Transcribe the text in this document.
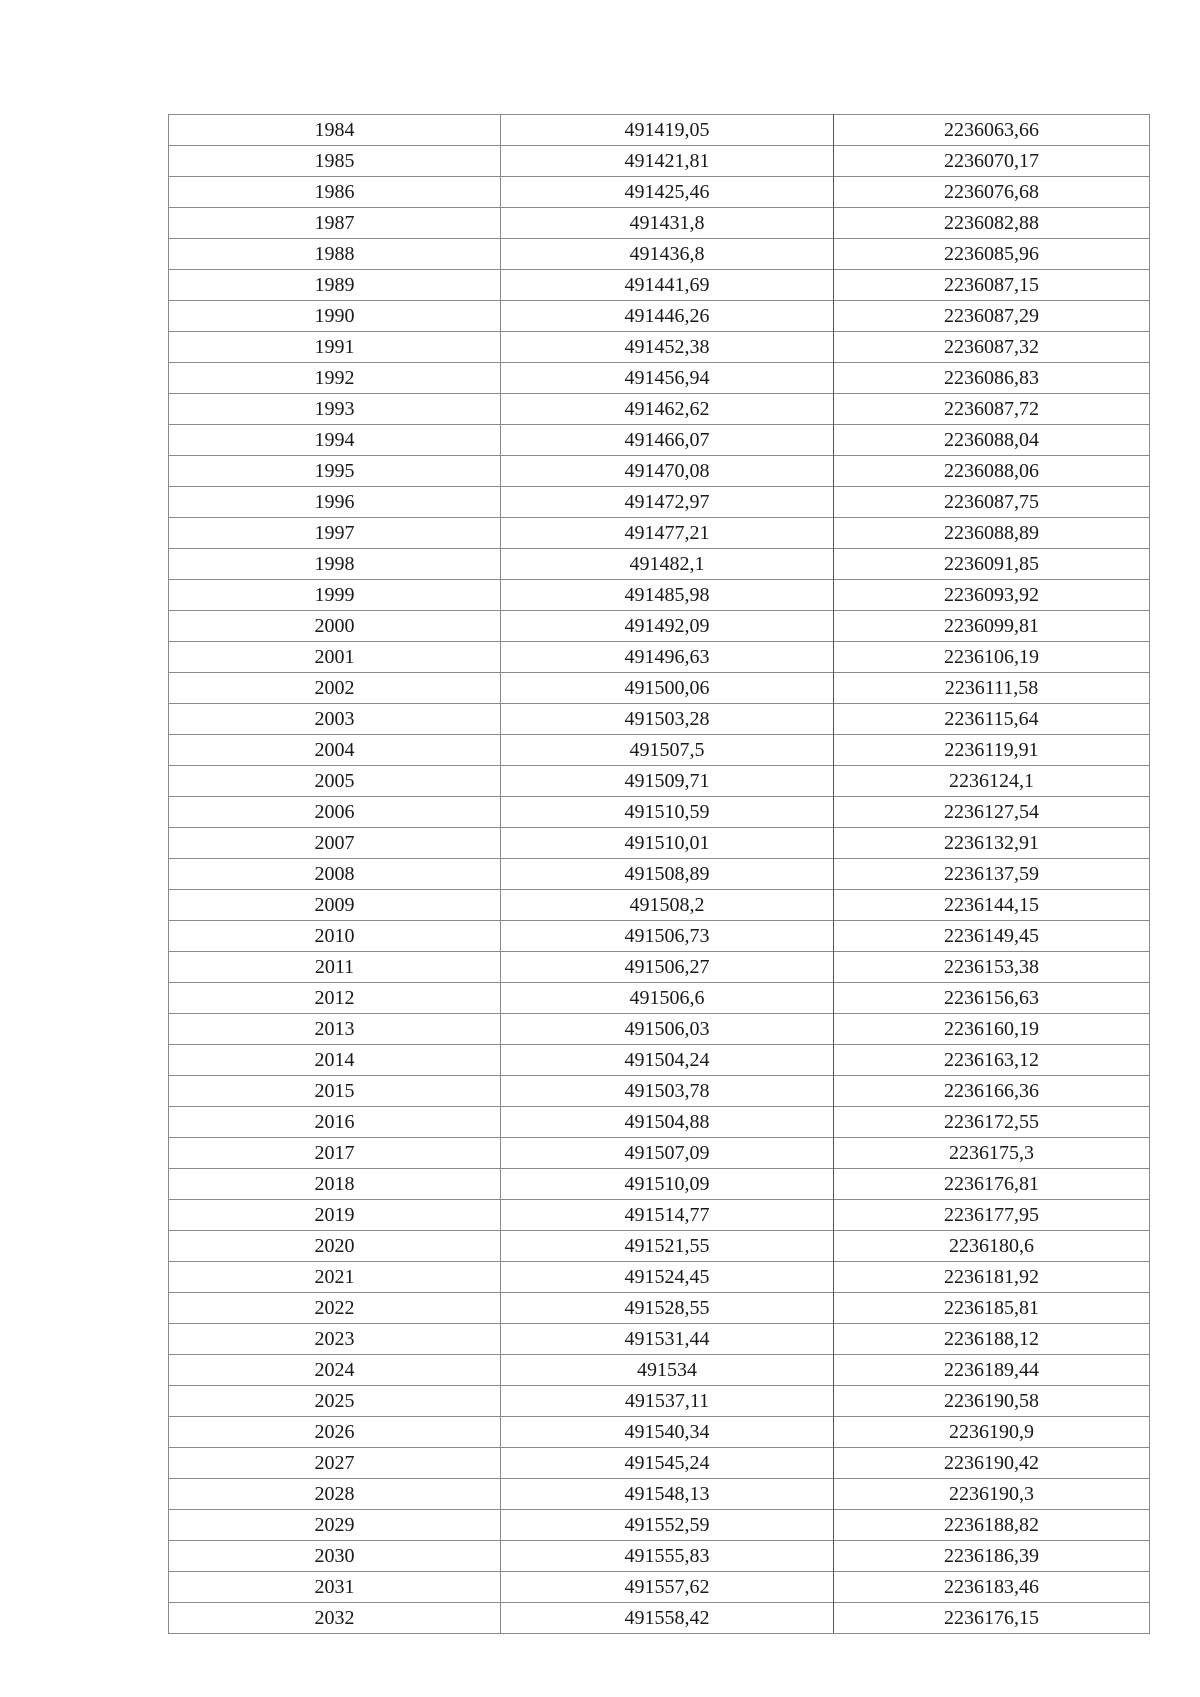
1984	491419,05	2236063,66
1985	491421,81	2236070,17
1986	491425,46	2236076,68
1987	491431,8	2236082,88
1988	491436,8	2236085,96
1989	491441,69	2236087,15
1990	491446,26	2236087,29
1991	491452,38	2236087,32
1992	491456,94	2236086,83
1993	491462,62	2236087,72
1994	491466,07	2236088,04
1995	491470,08	2236088,06
1996	491472,97	2236087,75
1997	491477,21	2236088,89
1998	491482,1	2236091,85
1999	491485,98	2236093,92
2000	491492,09	2236099,81
2001	491496,63	2236106,19
2002	491500,06	2236111,58
2003	491503,28	2236115,64
2004	491507,5	2236119,91
2005	491509,71	2236124,1
2006	491510,59	2236127,54
2007	491510,01	2236132,91
2008	491508,89	2236137,59
2009	491508,2	2236144,15
2010	491506,73	2236149,45
2011	491506,27	2236153,38
2012	491506,6	2236156,63
2013	491506,03	2236160,19
2014	491504,24	2236163,12
2015	491503,78	2236166,36
2016	491504,88	2236172,55
2017	491507,09	2236175,3
2018	491510,09	2236176,81
2019	491514,77	2236177,95
2020	491521,55	2236180,6
2021	491524,45	2236181,92
2022	491528,55	2236185,81
2023	491531,44	2236188,12
2024	491534	2236189,44
2025	491537,11	2236190,58
2026	491540,34	2236190,9
2027	491545,24	2236190,42
2028	491548,13	2236190,3
2029	491552,59	2236188,82
2030	491555,83	2236186,39
2031	491557,62	2236183,46
2032	491558,42	2236176,15
